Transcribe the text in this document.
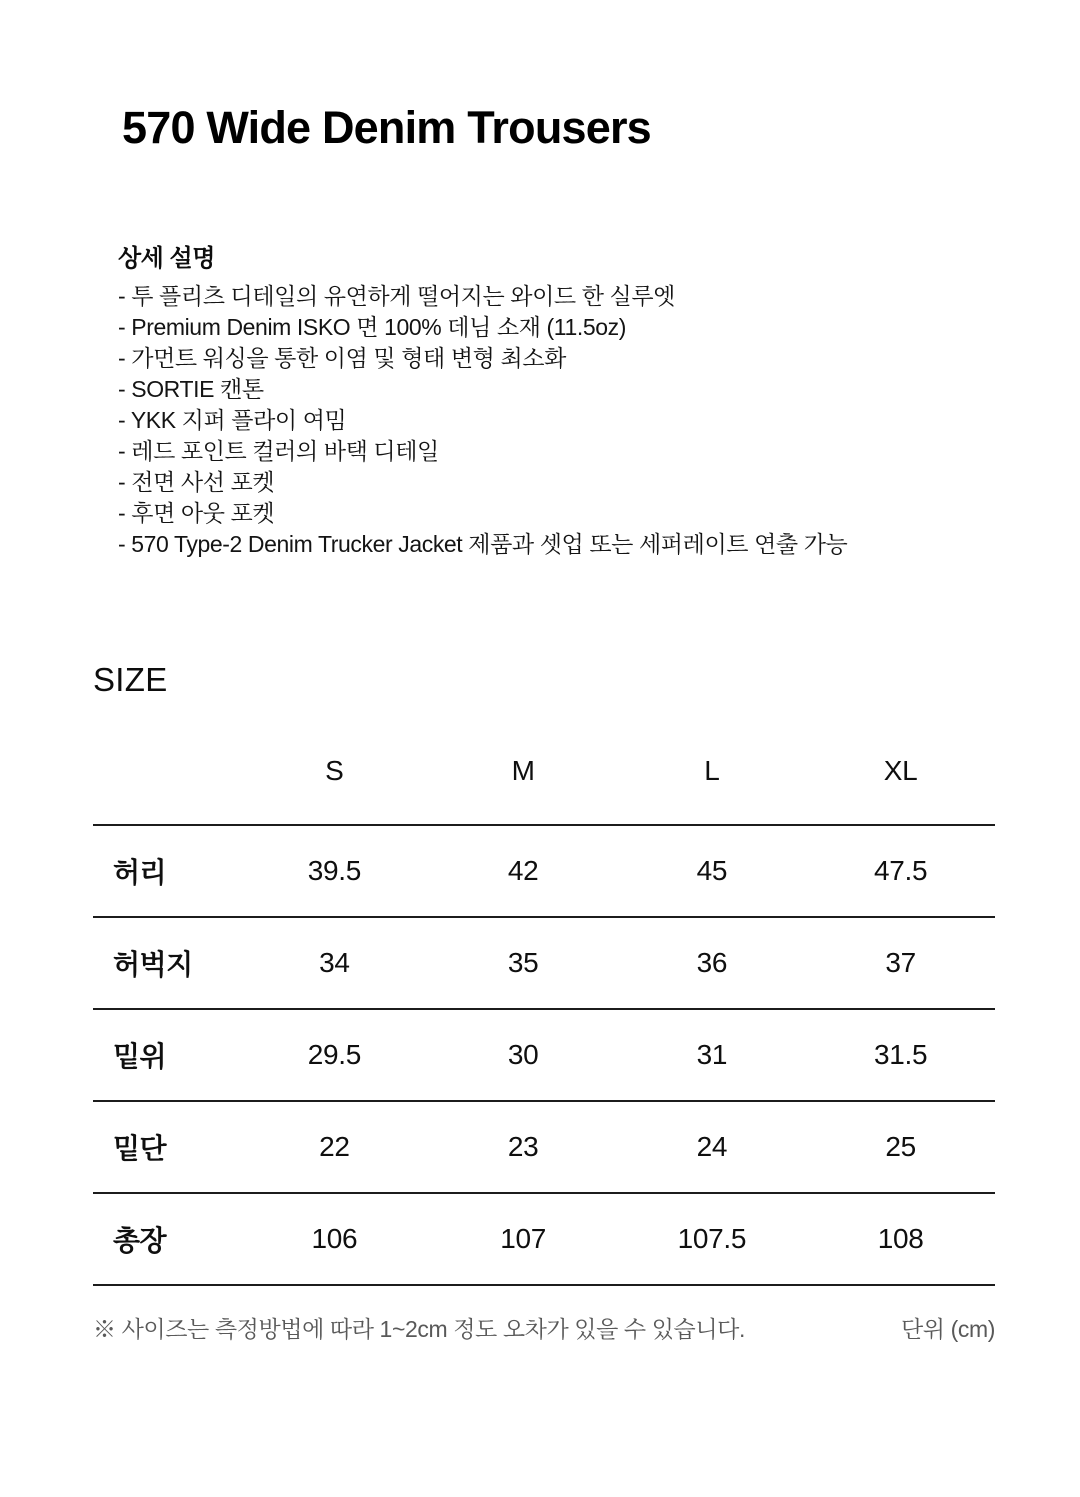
570 Wide Denim Trousers
상세 설명

- 투 플리츠 디테일의 유연하게 떨어지는 와이드 한 실루엣

- Premium Denim ISKO 면 100% 데님 소재 (11.5oz)

- 가먼트 워싱을 통한 이염 및 형태 변형 최소화

- SORTIE 캔톤

- YKK 지퍼 플라이 여밈

- 레드 포인트 컬러의 바택 디테일

- 전면 사선 포켓

- 후면 아웃 포켓

- 570 Type-2 Denim Trucker Jacket 제품과 셋업 또는 세퍼레이트 연출 가능

SIZE
	S	M	L	XL
허리	39.5	42	45	47.5
허벅지	34	35	36	37
밑위	29.5	30	31	31.5
밑단	22	23	24	25
총장	106	107	107.5	108
※ 사이즈는 측정방법에 따라 1~2cm 정도 오차가 있을 수 있습니다.	단위 (cm)
